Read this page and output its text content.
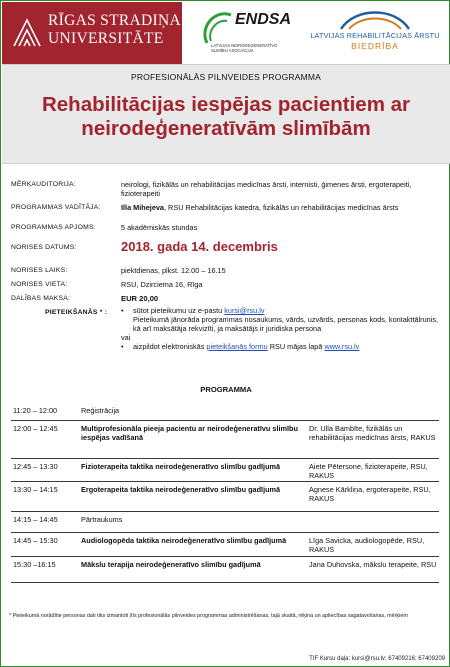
RĪGAS STRADIŅA
UNIVERSITĀTE
ENDSA
LATVIJAS NEIRODEĢENERATĪVO SLIMĪBU ASOCIĀCIJA
LATVIJAS REHABILITĀCIJAS ĀRSTU
BIEDRĪBA
PROFESIONĀLĀS PILNVEIDES PROGRAMMA
Rehabilitācijas iespējas pacientiem ar neirodeģeneratīvām slimībām
MĒRĶAUDITORIJA:	neirologi, fizikālās un rehabilitācijas medicīnas ārsti, internisti, ģimenes ārsti, ergoterapeiti, fizioterapeiti
PROGRAMMAS VADĪTĀJA:	Illa Mihejeva, RSU Rehabilitācijas katedra, fizikālās un rehabilitācijas medicīnas ārsts
PROGRAMMAS APJOMS:	5 akadēmiskās stundas
NORISES DATUMS:	2018. gada 14. decembris
NORISES LAIKS:	piektdienas, plkst. 12.00 – 16.15
NORISES VIETA:	RSU, Dzirciema 16, Rīga
DALĪBAS MAKSA:	EUR 20,00
PIETEIKŠANĀS * :
•	sūtot pieteikumu uz e-pastu kursi@rsu.lv
Pieteikumā jānorāda programmas nosaukums, vārds, uzvārds, personas kods, kontakttālrunis, kā arī maksātāja rekvizīti, ja maksātājs ir juridiska persona
vai
• aizpildot elektroniskās pieteikšanās formu RSU mājas lapā www.rsu.lv
PROGRAMMA
11:20 – 12:00	Reģistrācija
12:00 – 12:45	Multiprofesionāla pieeja pacientu ar neirodeģeneratīvu slimību iespējas vadīšanā
Dr. Ulla Bambīte, fizikālās un rehabilitācijas medicīnas ārsts, RAKUS
12:45 – 13:30	Fizioterapeita taktika neirodeģeneratīvo slimību gadījumā	Aiete Pētersone, fizioterapeite, RSU, RAKUS
13:30 – 14:15	Ergoterapeita taktika neirodeģeneratīvo slimību gadījumā	Agnese Kārkliņa, ergoterapeite, RSU, RAKUS
14:15 – 14:45	Pārtraukums
14:45 – 15:30	Audiologopēda taktika neirodeģeneratīvo slimību gadījumā	Līga Savicka, audiologopēde, RSU, RAKUS
15:30 –16:15	Mākslu terapija neirodeģeneratīvo slimību gadījumā	Jana Duhovska, mākslu terapeite, RSU
* Pieteikumā norādītie personas dati tiks izmantoti šīs profesionālās pilnveides programmas administrēšanas, tajā skaitā, rēķina un apliecības sagatavošanas, mērķiem
TIF Kursu daļa: kursi@rsu.lv; 67409216; 67409209
